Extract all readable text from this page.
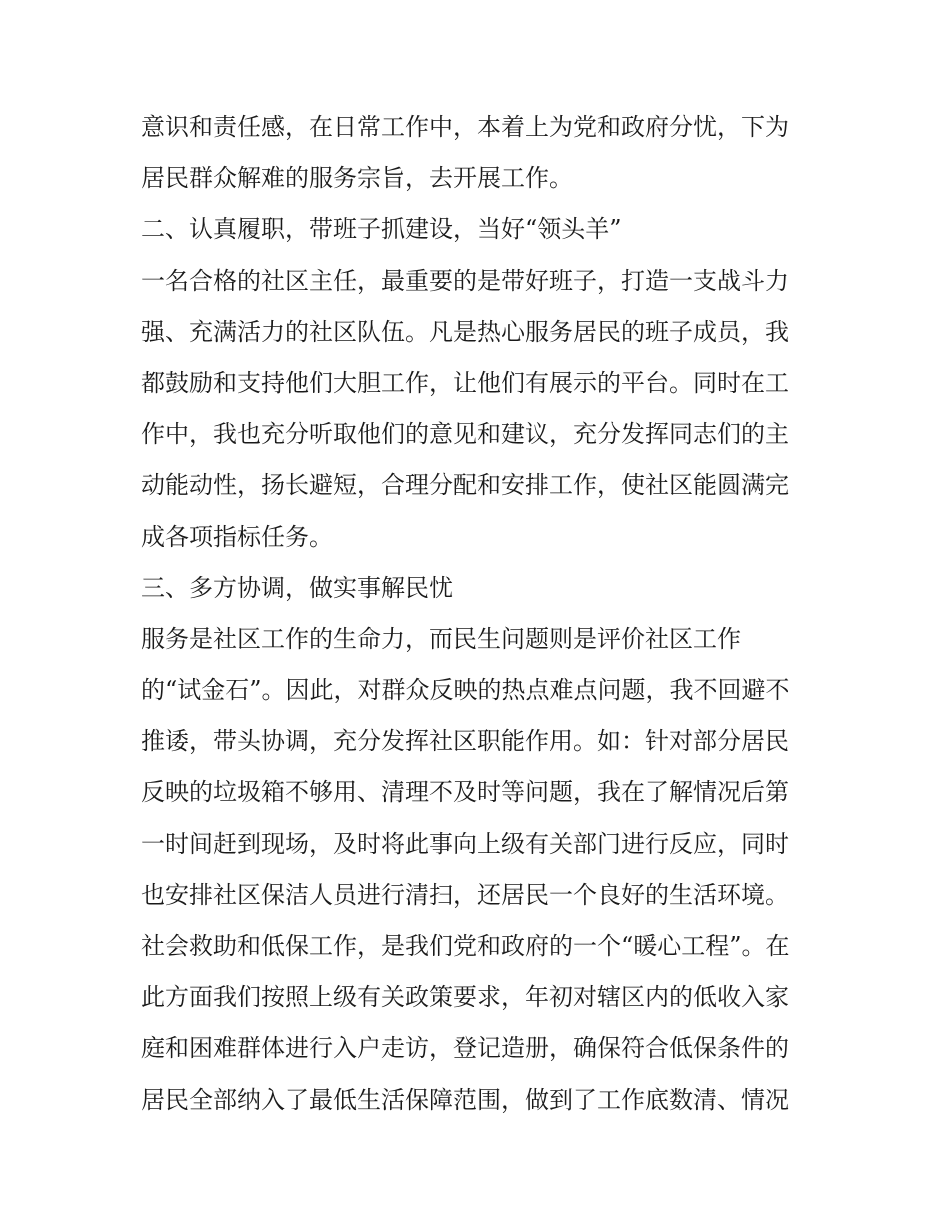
意识和责任感，在日常工作中，本着上为党和政府分忧，下为
居民群众解难的服务宗旨，去开展工作。
二、认真履职，带班子抓建设，当好“领头羊”
一名合格的社区主任，最重要的是带好班子，打造一支战斗力
强、充满活力的社区队伍。凡是热心服务居民的班子成员，我
都鼓励和支持他们大胆工作，让他们有展示的平台。同时在工
作中，我也充分听取他们的意见和建议，充分发挥同志们的主
动能动性，扬长避短，合理分配和安排工作，使社区能圆满完
成各项指标任务。
三、多方协调，做实事解民忧
服务是社区工作的生命力，而民生问题则是评价社区工作
的“试金石”。因此，对群众反映的热点难点问题，我不回避不
推诿，带头协调，充分发挥社区职能作用。如：针对部分居民
反映的垃圾箱不够用、清理不及时等问题，我在了解情况后第
一时间赶到现场，及时将此事向上级有关部门进行反应，同时
也安排社区保洁人员进行清扫，还居民一个良好的生活环境。
社会救助和低保工作，是我们党和政府的一个“暖心工程”。在
此方面我们按照上级有关政策要求，年初对辖区内的低收入家
庭和困难群体进行入户走访，登记造册，确保符合低保条件的
居民全部纳入了最低生活保障范围，做到了工作底数清、情况
